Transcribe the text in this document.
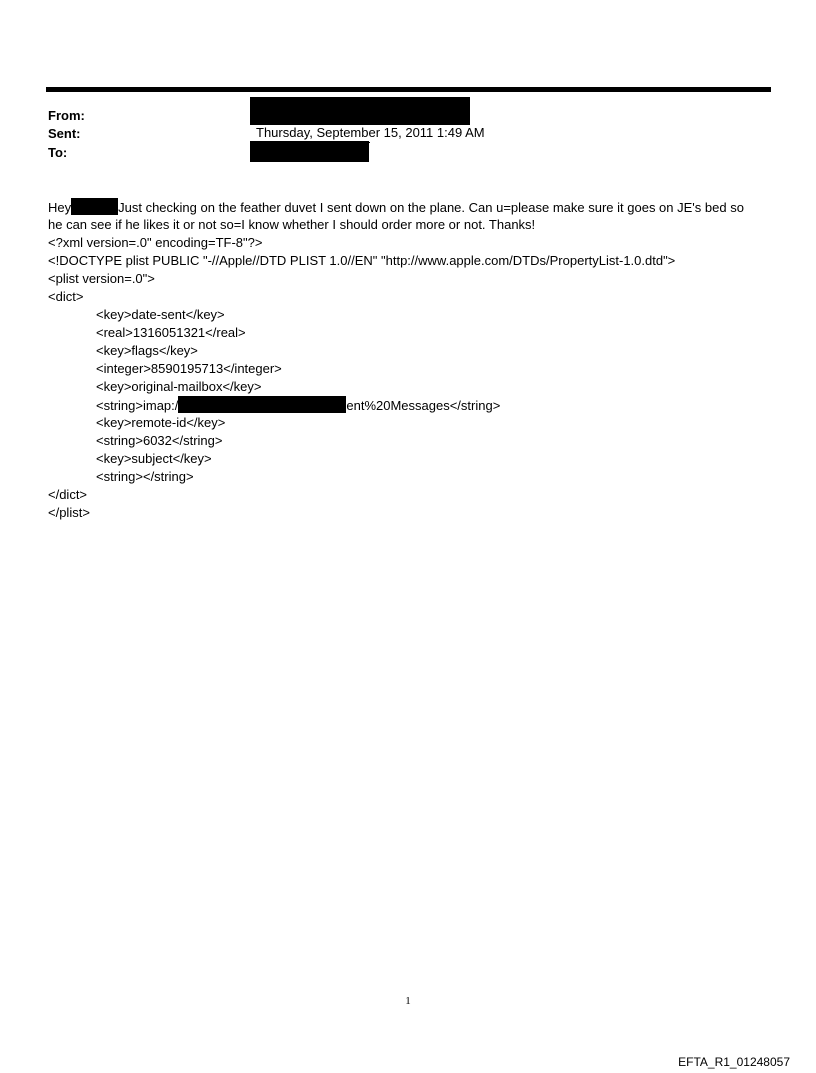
From:
Sent:	Thursday, September 15, 2011 1:49 AM
To:
Hey	Just checking on the feather duvet I sent down on the plane. Can u=please make sure it goes on JE's bed so
he can see if he likes it or not so=I know whether I should order more or not. Thanks!
<?xml version=.0" encoding=TF-8"?>
<!DOCTYPE plist PUBLIC "-//Apple//DTD PLIST 1.0//EN" "http://www.apple.com/DTDs/PropertyList-1.0.dtd">
<plist version=.0">
<dict>
<key>date-sent</key>
<real>1316051321</real>
<key>flags</key>
<integer>8590195713</integer>
<key>original-mailbox</key>
<string>imap:/	ent%20Messages</string>
<key>remote-id</key>
<string>6032</string>
<key>subject</key>
<string></string>
</dict>
</plist>
1
EFTA_R1_01248057
